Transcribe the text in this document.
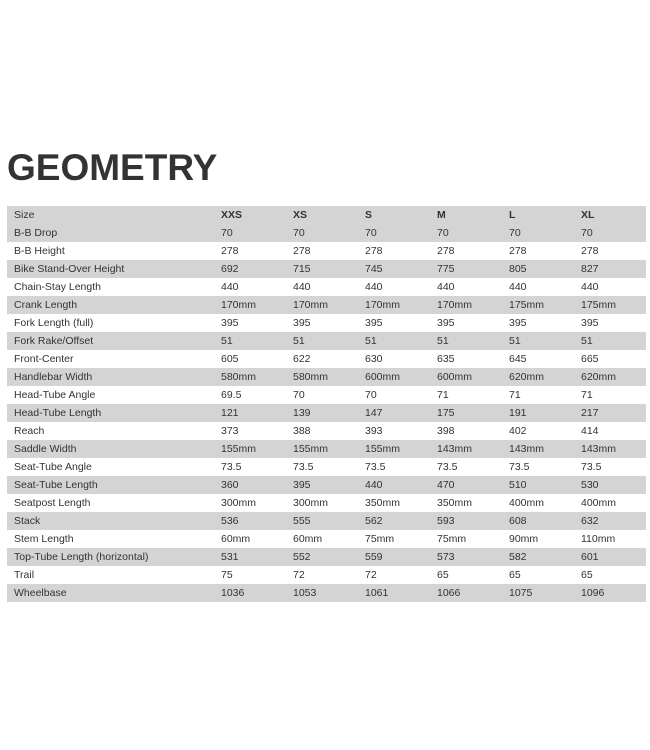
GEOMETRY
Size	XXS	XS	S	M	L	XL
B-B Drop	70	70	70	70	70	70
B-B Height	278	278	278	278	278	278
Bike Stand-Over Height	692	715	745	775	805	827
Chain-Stay Length	440	440	440	440	440	440
Crank Length	170mm	170mm	170mm	170mm	175mm	175mm
Fork Length (full)	395	395	395	395	395	395
Fork Rake/Offset	51	51	51	51	51	51
Front-Center	605	622	630	635	645	665
Handlebar Width	580mm	580mm	600mm	600mm	620mm	620mm
Head-Tube Angle	69.5	70	70	71	71	71
Head-Tube Length	121	139	147	175	191	217
Reach	373	388	393	398	402	414
Saddle Width	155mm	155mm	155mm	143mm	143mm	143mm
Seat-Tube Angle	73.5	73.5	73.5	73.5	73.5	73.5
Seat-Tube Length	360	395	440	470	510	530
Seatpost Length	300mm	300mm	350mm	350mm	400mm	400mm
Stack	536	555	562	593	608	632
Stem Length	60mm	60mm	75mm	75mm	90mm	110mm
Top-Tube Length (horizontal)	531	552	559	573	582	601
Trail	75	72	72	65	65	65
Wheelbase	1036	1053	1061	1066	1075	1096
